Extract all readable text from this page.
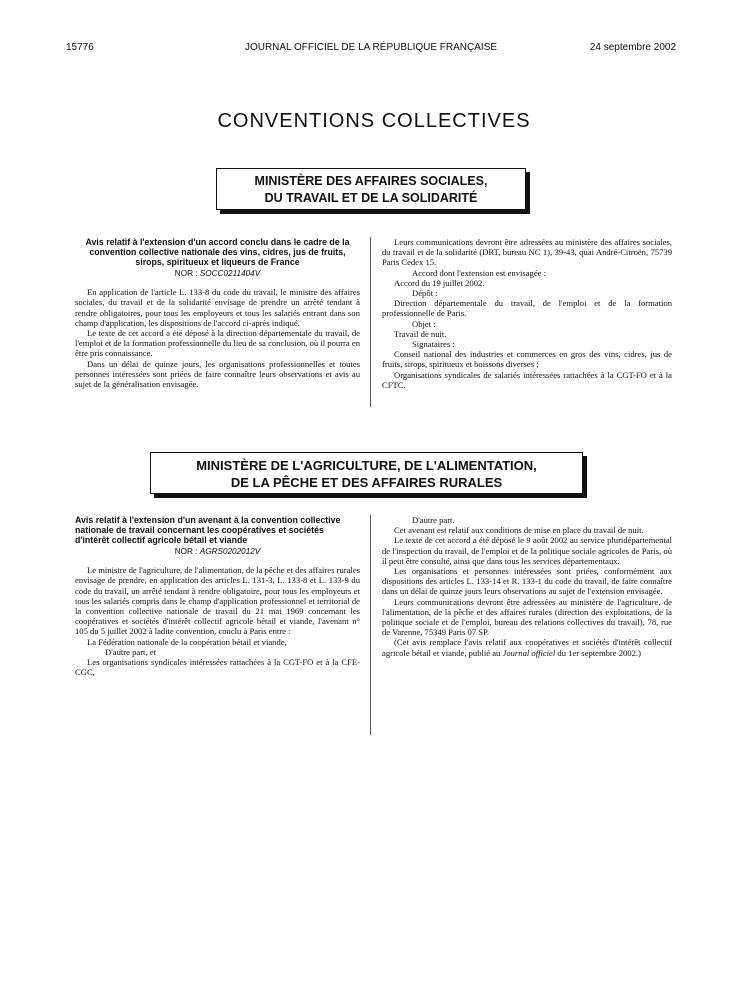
15776	JOURNAL OFFICIEL DE LA RÉPUBLIQUE FRANÇAISE	24 septembre 2002
CONVENTIONS COLLECTIVES
MINISTÈRE DES AFFAIRES SOCIALES,
DU TRAVAIL ET DE LA SOLIDARITÉ
Avis relatif à l'extension d'un accord conclu dans le cadre de la convention collective nationale des vins, cidres, jus de fruits, sirops, spiritueux et liqueurs de France
NOR : SOCC0211404V

En application de l'article L. 133-8 du code du travail, le ministre des affaires sociales, du travail et de la solidarité envisage de prendre un arrêté tendant à rendre obligatoires, pour tous les employeurs et tous les salariés entrant dans son champ d'application, les dispositions de l'accord ci-après indiqué.

Le texte de cet accord a été déposé à la direction départementale du travail, de l'emploi et de la formation professionnelle du lieu de sa conclusion, où il pourra en être pris connaissance.

Dans un délai de quinze jours, les organisations professionnelles et toutes personnes intéressées sont priées de faire connaître leurs observations et avis au sujet de la généralisation envisagée.

Leurs communications devront être adressées au ministère des affaires sociales, du travail et de la solidarité (DRT, bureau NC 1), 39-43, quai André-Citroën, 75739 Paris Cedex 15.

Accord dont l'extension est envisagée :

Accord du 19 juillet 2002.

Dépôt :

Direction départementale du travail, de l'emploi et de la formation professionnelle de Paris.

Objet :

Travail de nuit.

Signataires :

Conseil national des industries et commerces en gros des vins, cidres, jus de fruits, sirops, spiritueux et boissons diverses ;

Organisations syndicales de salariés intéressées rattachées à la CGT-FO et à la CFTC.

MINISTÈRE DE L'AGRICULTURE, DE L'ALIMENTATION,
DE LA PÊCHE ET DES AFFAIRES RURALES
Avis relatif à l'extension d'un avenant à la convention collective nationale de travail concernant les coopératives et sociétés d'intérêt collectif agricole bétail et viande
NOR : AGRS0202012V

Le ministre de l'agriculture, de l'alimentation, de la pêche et des affaires rurales envisage de prendre, en application des articles L. 131-3, L. 133-8 et L. 133-9 du code du travail, un arrêté tendant à rendre obligatoire, pour tous les employeurs et tous les salariés compris dans le champ d'application professionnel et territorial de la convention collective nationale de travail du 21 mai 1969 concernant les coopératives et sociétés d'intérêt collectif agricole bétail et viande, l'avenant n° 105 du 5 juillet 2002 à ladite convention, conclu à Paris entre :

La Fédération nationale de la coopération bétail et viande,

D'autre part, et

Les organisations syndicales intéressées rattachées à la CGT-FO et à la CFE-CGC,

D'autre part.

Cet avenant est relatif aux conditions de mise en place du travail de nuit.

Le texte de cet accord a été déposé le 9 août 2002 au service pluridépartemental de l'inspection du travail, de l'emploi et de la politique sociale agricoles de Paris, où il peut être consulté, ainsi que dans tous les services départementaux.

Les organisations et personnes intéressées sont priées, conformément aux dispositions des articles L. 133-14 et R. 133-1 du code du travail, de faire connaître dans un délai de quinze jours leurs observations au sujet de l'extension envisagée.

Leurs communications devront être adressées au ministère de l'agriculture, de l'alimentation, de la pêche et des affaires rurales (direction des exploitations, de la politique sociale et de l'emploi, bureau des relations collectives du travail), 78, rue de Varenne, 75349 Paris 07 SP.

(Cet avis remplace l'avis relatif aux coopératives et sociétés d'intérêt collectif agricole bétail et viande, publié au Journal officiel du 1er septembre 2002.)
